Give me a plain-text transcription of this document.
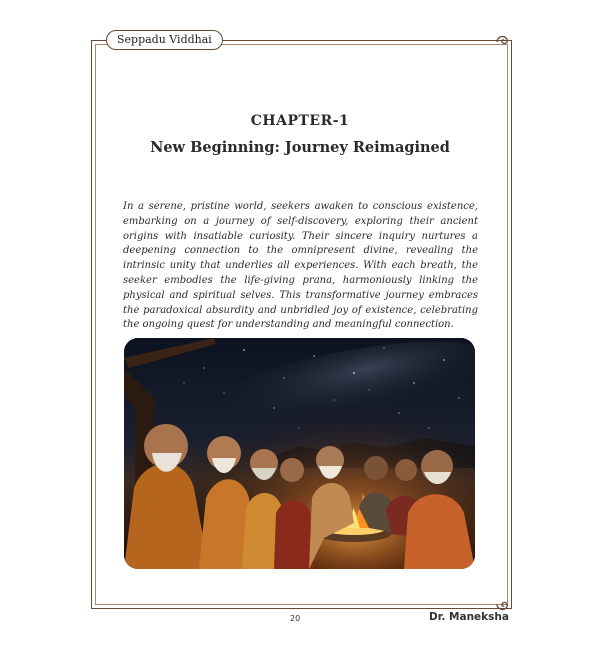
Seppadu Viddhai
CHAPTER-1
New Beginning: Journey Reimagined

In a serene, pristine world, seekers awaken to conscious existence, embarking on a journey of self-discovery, exploring their ancient origins with insatiable curiosity. Their sincere inquiry nurtures a deepening connection to the omnipresent divine, revealing the intrinsic unity that underlies all experiences. With each breath, the seeker embodies the life-giving prana, harmoniously linking the physical and spiritual selves. This transformative journey embraces the paradoxical absurdity and unbridled joy of existence, celebrating the ongoing quest for understanding and meaningful connection.

20	Dr. Maneksha
